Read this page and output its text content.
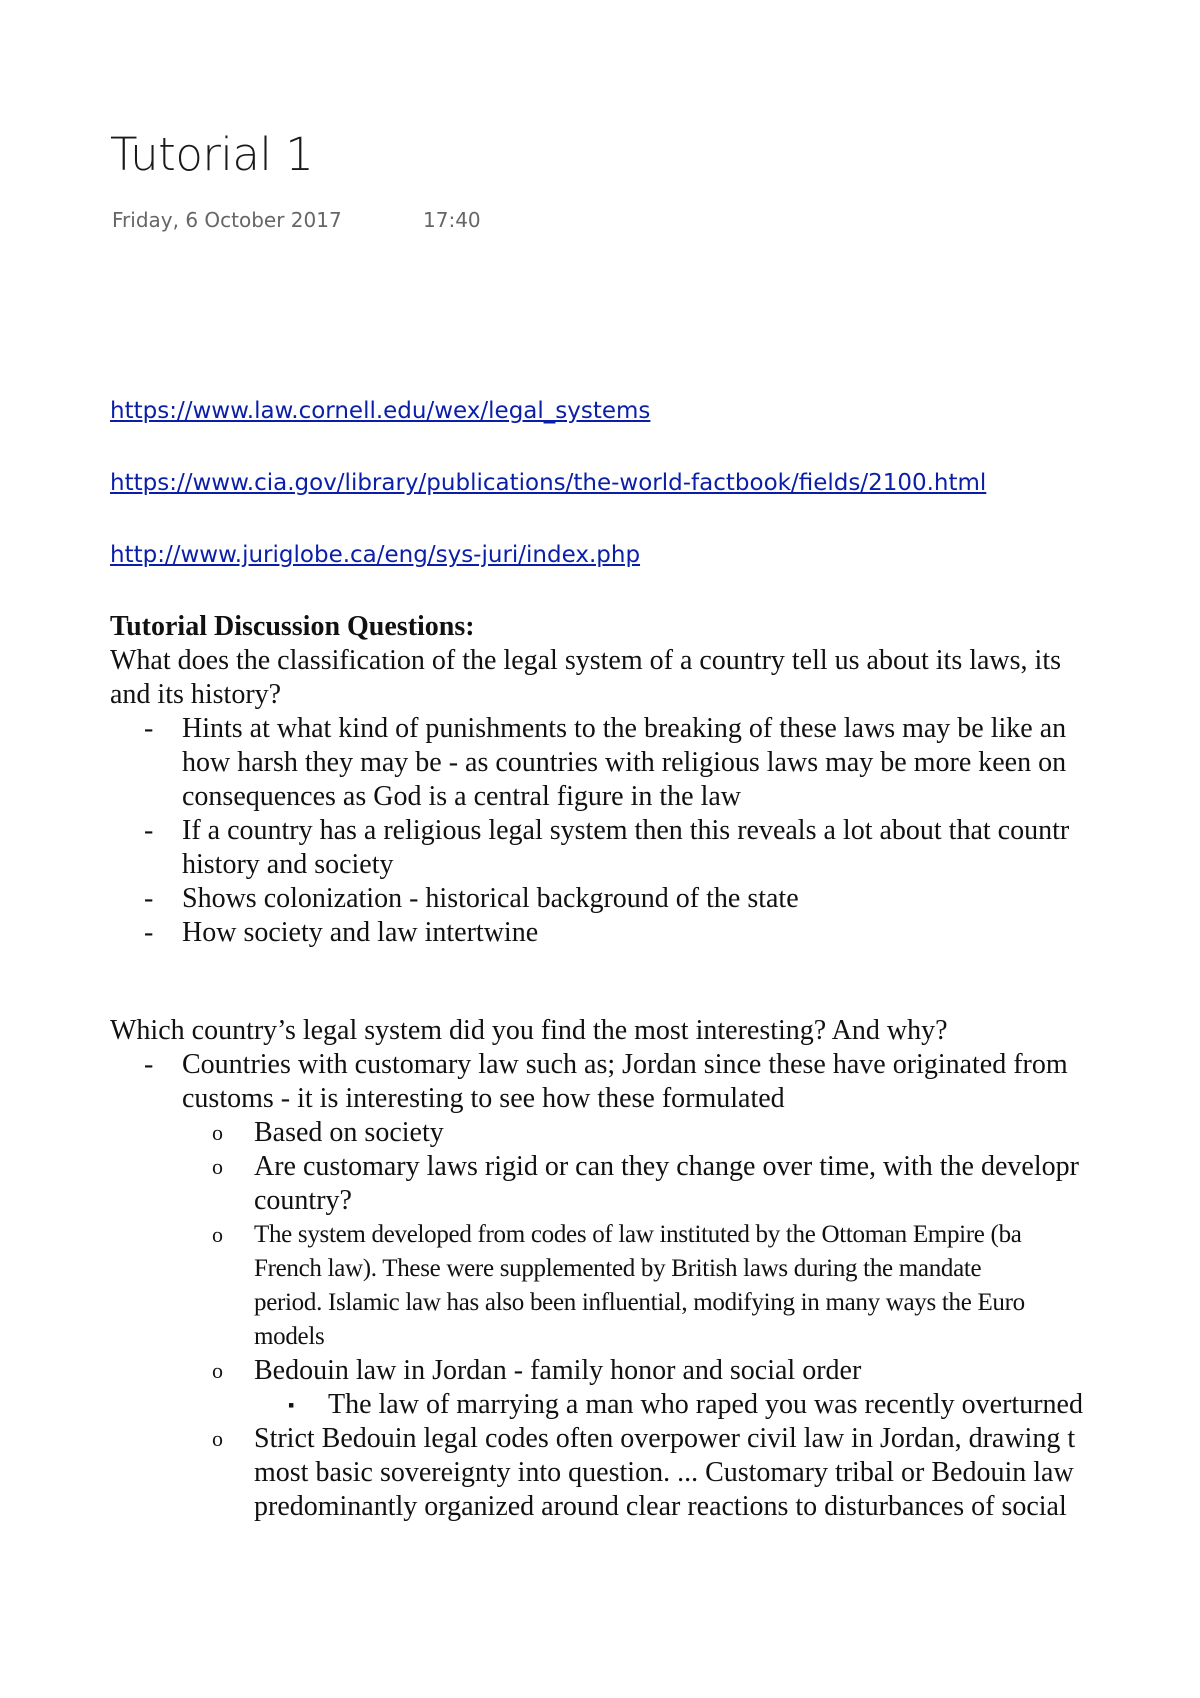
Tutorial 1
Friday, 6 October 2017	17:40
https://www.law.cornell.edu/wex/legal_systems
https://www.cia.gov/library/publications/the-world-factbook/fields/2100.html
http://www.juriglobe.ca/eng/sys-juri/index.php

Tutorial Discussion Questions:

What does the classification of the legal system of a country tell us about its laws, its

and its history?

- Hints at what kind of punishments to the breaking of these laws may be like an
how harsh they may be - as countries with religious laws may be more keen on
consequences as God is a central figure in the law
- If a country has a religious legal system then this reveals a lot about that countr
history and society
- Shows colonization - historical background of the state
- How society and law intertwine

Which country’s legal system did you find the most interesting? And why?

- Countries with customary law such as; Jordan since these have originated from
customs - it is interesting to see how these formulated
o Based on society
o Are customary laws rigid or can they change over time, with the developr
country?
o The system developed from codes of law instituted by the Ottoman Empire (ba
French law). These were supplemented by British laws during the mandate
period. Islamic law has also been influential, modifying in many ways the Euro
models
o Bedouin law in Jordan - family honor and social order
▪ The law of marrying a man who raped you was recently overturned
o Strict Bedouin legal codes often overpower civil law in Jordan, drawing t
most basic sovereignty into question. ... Customary tribal or Bedouin law
predominantly organized around clear reactions to disturbances of social
